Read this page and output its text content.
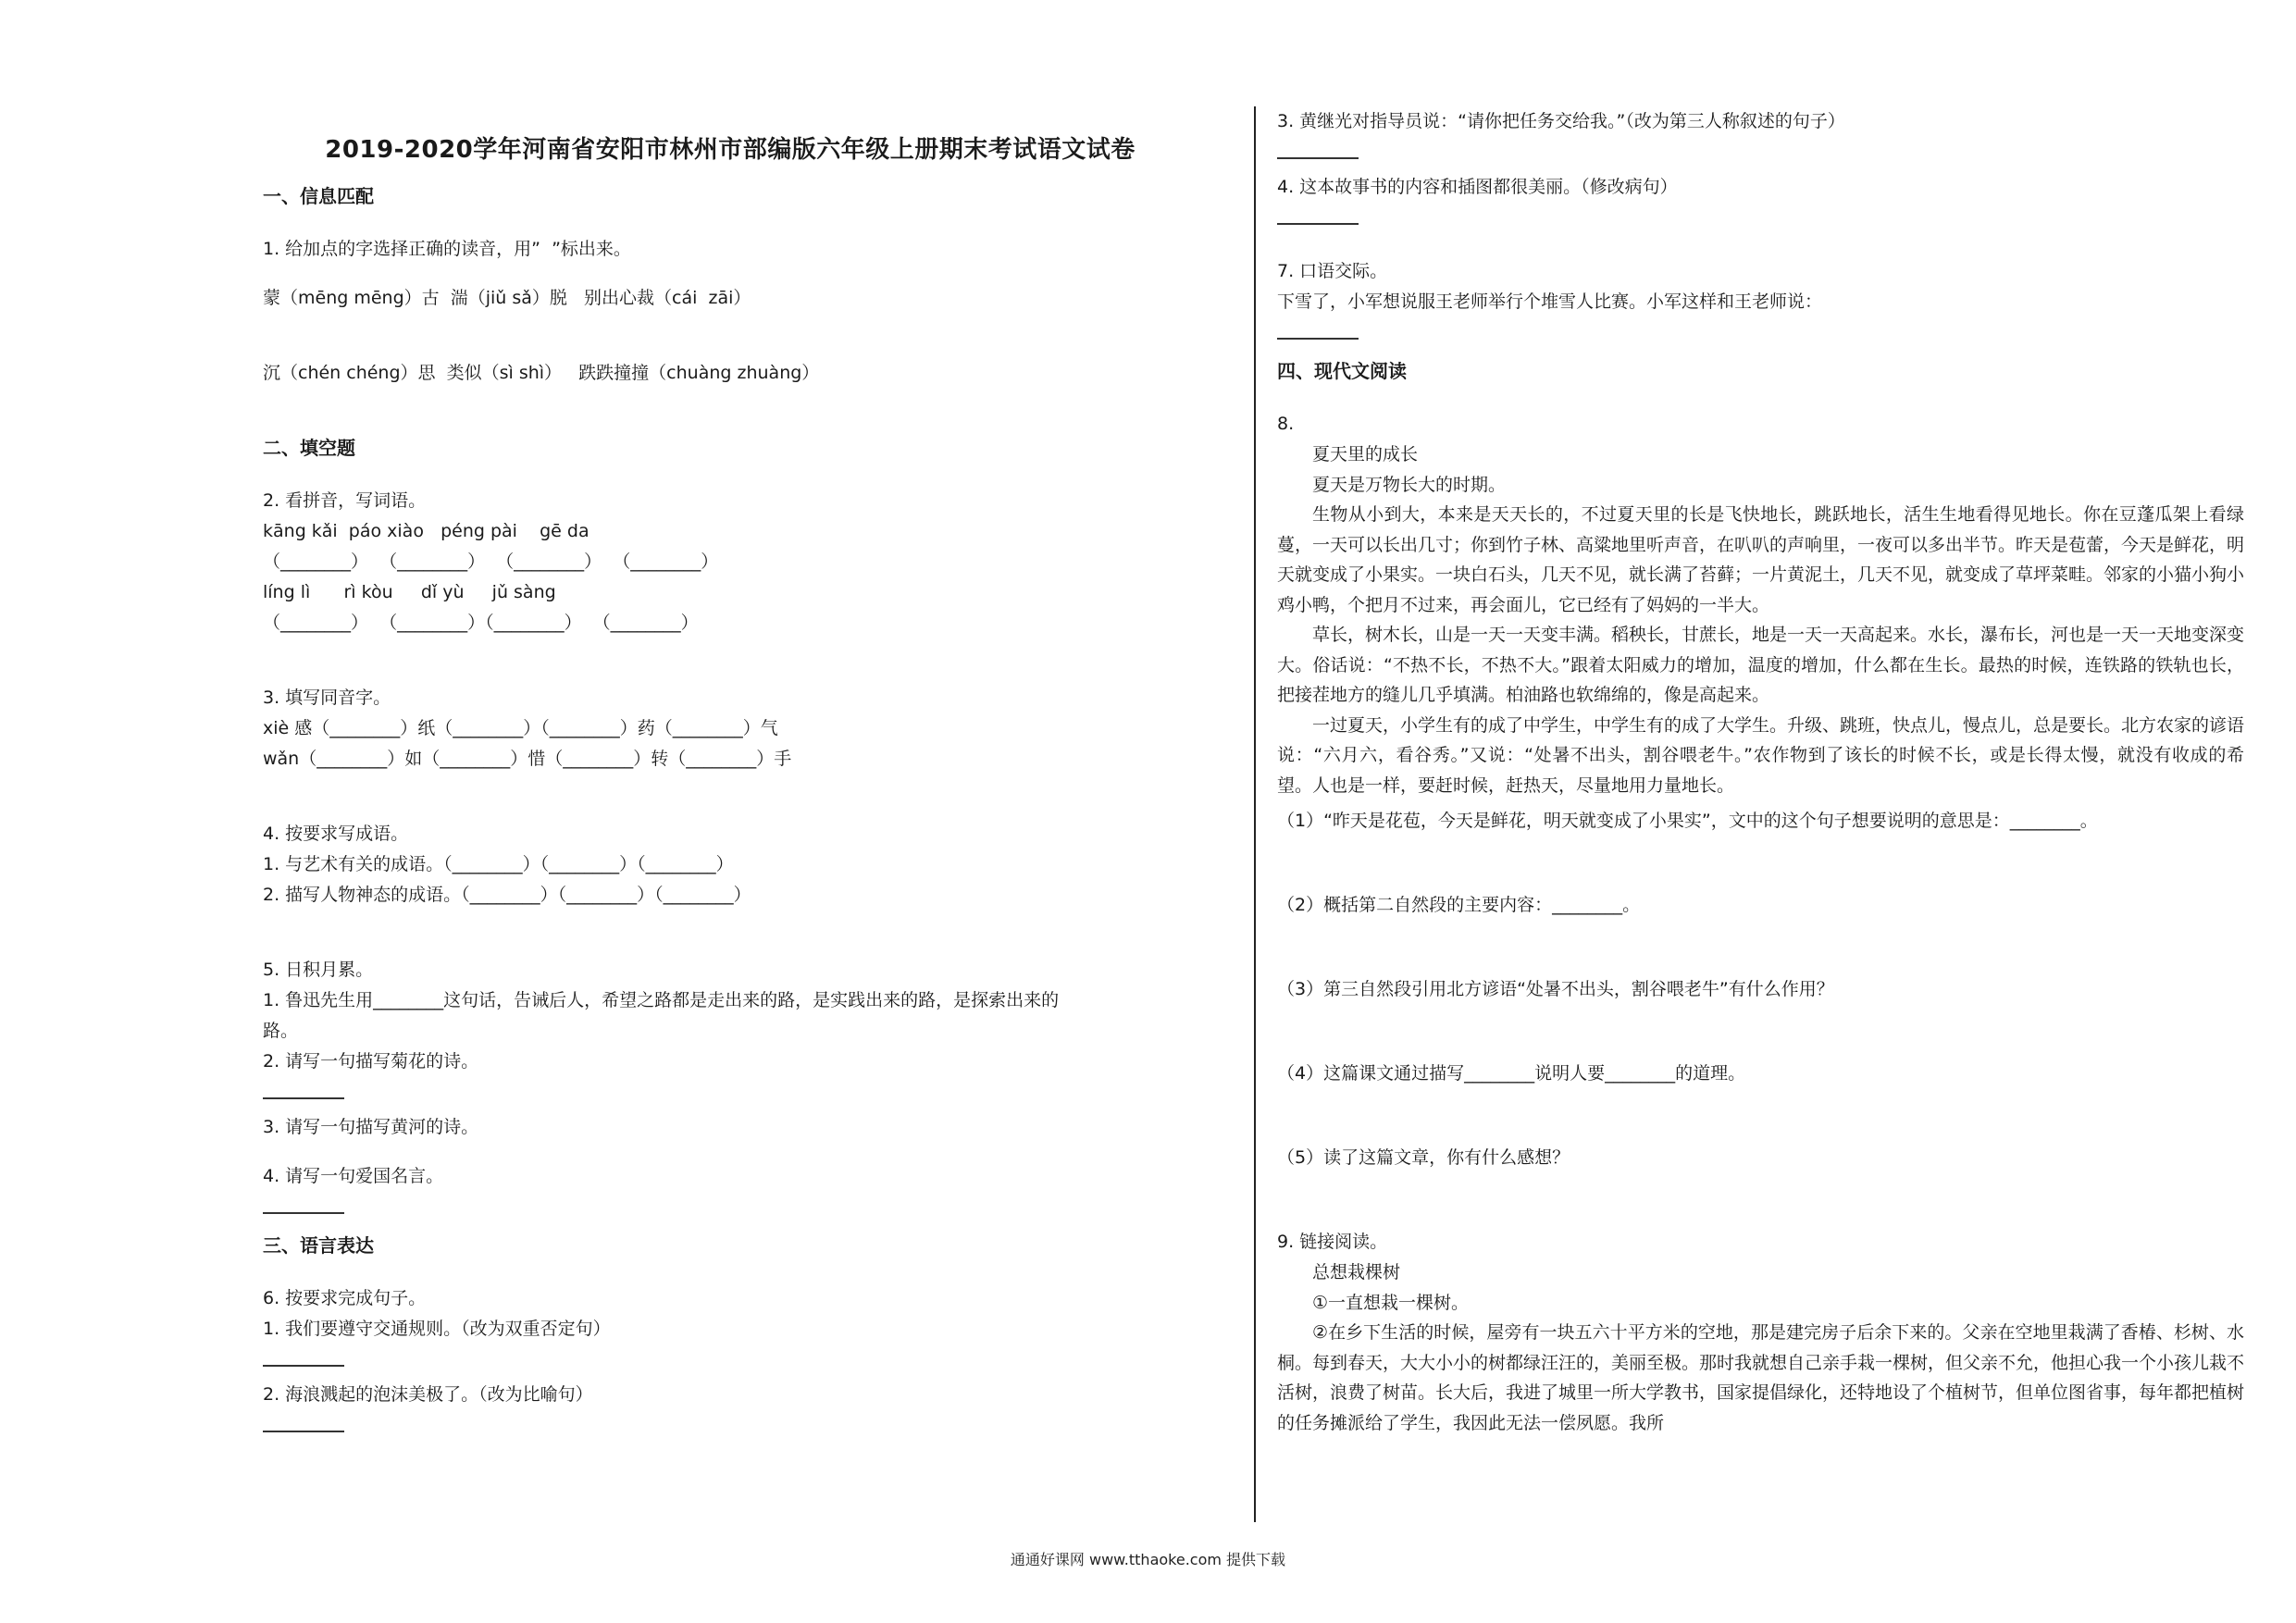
2019-2020学年河南省安阳市林州市部编版六年级上册期末考试语文试卷
一、信息匹配
1. 给加点的字选择正确的读音，用”  ”标出来。
蒙（mēng mēng）古  湍（jiǔ sǎ）脱   别出心裁（cái  zāi）
沉（chén chéng）思  类似（sì shì）   跌跌撞撞（chuàng zhuàng）
二、填空题
2. 看拼音，写词语。
kāng kǎi  páo xiào   péng pài    gē da
（________）  （________）  （________）  （________）
líng lì      rì kòu     dǐ yù     jǔ sàng
（________）  （________）（________）  （________）
3. 填写同音字。
xiè 感（________）纸（________）（________）药（________）气
wǎn（________）如（________）惜（________）转（________）手
4. 按要求写成语。
1. 与艺术有关的成语。（________）（________）（________）
2. 描写人物神态的成语。（________）（________）（________）
5. 日积月累。
1. 鲁迅先生用________这句话，告诫后人，希望之路都是走出来的路，是实践出来的路，是探索出来的
路。
2. 请写一句描写菊花的诗。
3. 请写一句描写黄河的诗。
4. 请写一句爱国名言。
三、语言表达
6. 按要求完成句子。
1. 我们要遵守交通规则。（改为双重否定句）
2. 海浪溅起的泡沫美极了。（改为比喻句）
3. 黄继光对指导员说：“请你把任务交给我。”（改为第三人称叙述的句子）
4. 这本故事书的内容和插图都很美丽。（修改病句）
7. 口语交际。
下雪了，小军想说服王老师举行个堆雪人比赛。小军这样和王老师说：
四、现代文阅读
8.
夏天里的成长
夏天是万物长大的时期。
生物从小到大，本来是天天长的，不过夏天里的长是飞快地长，跳跃地长，活生生地看得见地长。你在豆蓬瓜架上看绿蔓，一天可以长出几寸；你到竹子林、高粱地里听声音，在叭叭的声响里，一夜可以多出半节。昨天是苞蕾，今天是鲜花，明天就变成了小果实。一块白石头，几天不见，就长满了苔藓；一片黄泥土，几天不见，就变成了草坪菜畦。邻家的小猫小狗小鸡小鸭，个把月不过来，再会面儿，它已经有了妈妈的一半大。
草长，树木长，山是一天一天变丰满。稻秧长，甘蔗长，地是一天一天高起来。水长，瀑布长，河也是一天一天地变深变大。俗话说：“不热不长，不热不大。”跟着太阳威力的增加，温度的增加，什么都在生长。最热的时候，连铁路的铁轨也长，把接茬地方的缝儿几乎填满。柏油路也软绵绵的，像是高起来。
一过夏天，小学生有的成了中学生，中学生有的成了大学生。升级、跳班，快点儿，慢点儿，总是要长。北方农家的谚语说：“六月六，看谷秀。”又说：“处暑不出头，割谷喂老牛。”农作物到了该长的时候不长，或是长得太慢，就没有收成的希望。人也是一样，要赶时候，赶热天，尽量地用力量地长。
（1）“昨天是花苞，今天是鲜花，明天就变成了小果实”，文中的这个句子想要说明的意思是：________。
（2）概括第二自然段的主要内容：________。
（3）第三自然段引用北方谚语“处暑不出头，割谷喂老牛”有什么作用？
（4）这篇课文通过描写________说明人要________的道理。
（5）读了这篇文章，你有什么感想？
9. 链接阅读。
总想栽棵树
①一直想栽一棵树。
②在乡下生活的时候，屋旁有一块五六十平方米的空地，那是建完房子后余下来的。父亲在空地里栽满了香椿、杉树、水桐。每到春天，大大小小的树都绿汪汪的，美丽至极。那时我就想自己亲手栽一棵树，但父亲不允，他担心我一个小孩儿栽不活树，浪费了树苗。长大后，我进了城里一所大学教书，国家提倡绿化，还特地设了个植树节，但单位图省事，每年都把植树的任务摊派给了学生，我因此无法一偿夙愿。我所
通通好课网 www.tthaoke.com 提供下载
